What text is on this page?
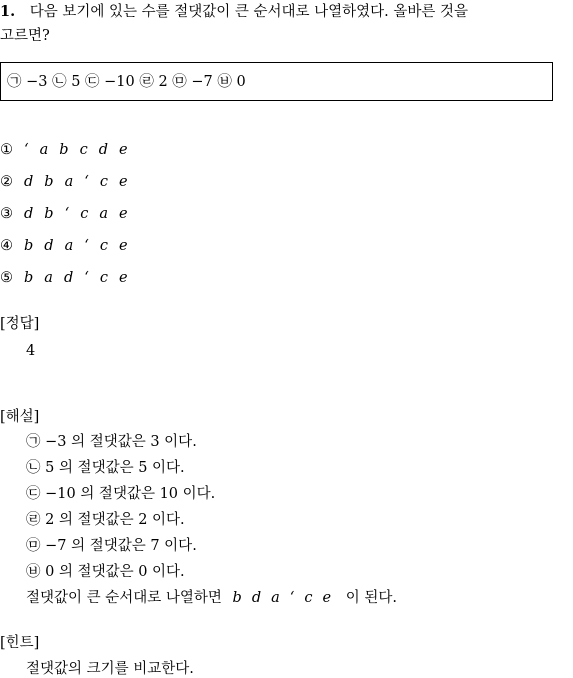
1. 다음 보기에 있는 수를 절댓값이 큰 순서대로 나열하였다. 올바른 것을
고르면?
㉠ −3 ㉡ 5 ㉢ −10 ㉣ 2 ㉤ −7 ㉥ 0
① ‘ a b c d e
② d b a ‘ c e
③ d b ‘ c a e
④ b d a ‘ c e
⑤ b a d ‘ c e
[정답]
4
[해설]
㉠ −3 의 절댓값은 3 이다.
㉡ 5 의 절댓값은 5 이다.
㉢ −10 의 절댓값은 10 이다.
㉣ 2 의 절댓값은 2 이다.
㉤ −7 의 절댓값은 7 이다.
㉥ 0 의 절댓값은 0 이다.
절댓값이 큰 순서대로 나열하면 b d a ‘ c e 이 된다.
[힌트]
절댓값의 크기를 비교한다.
